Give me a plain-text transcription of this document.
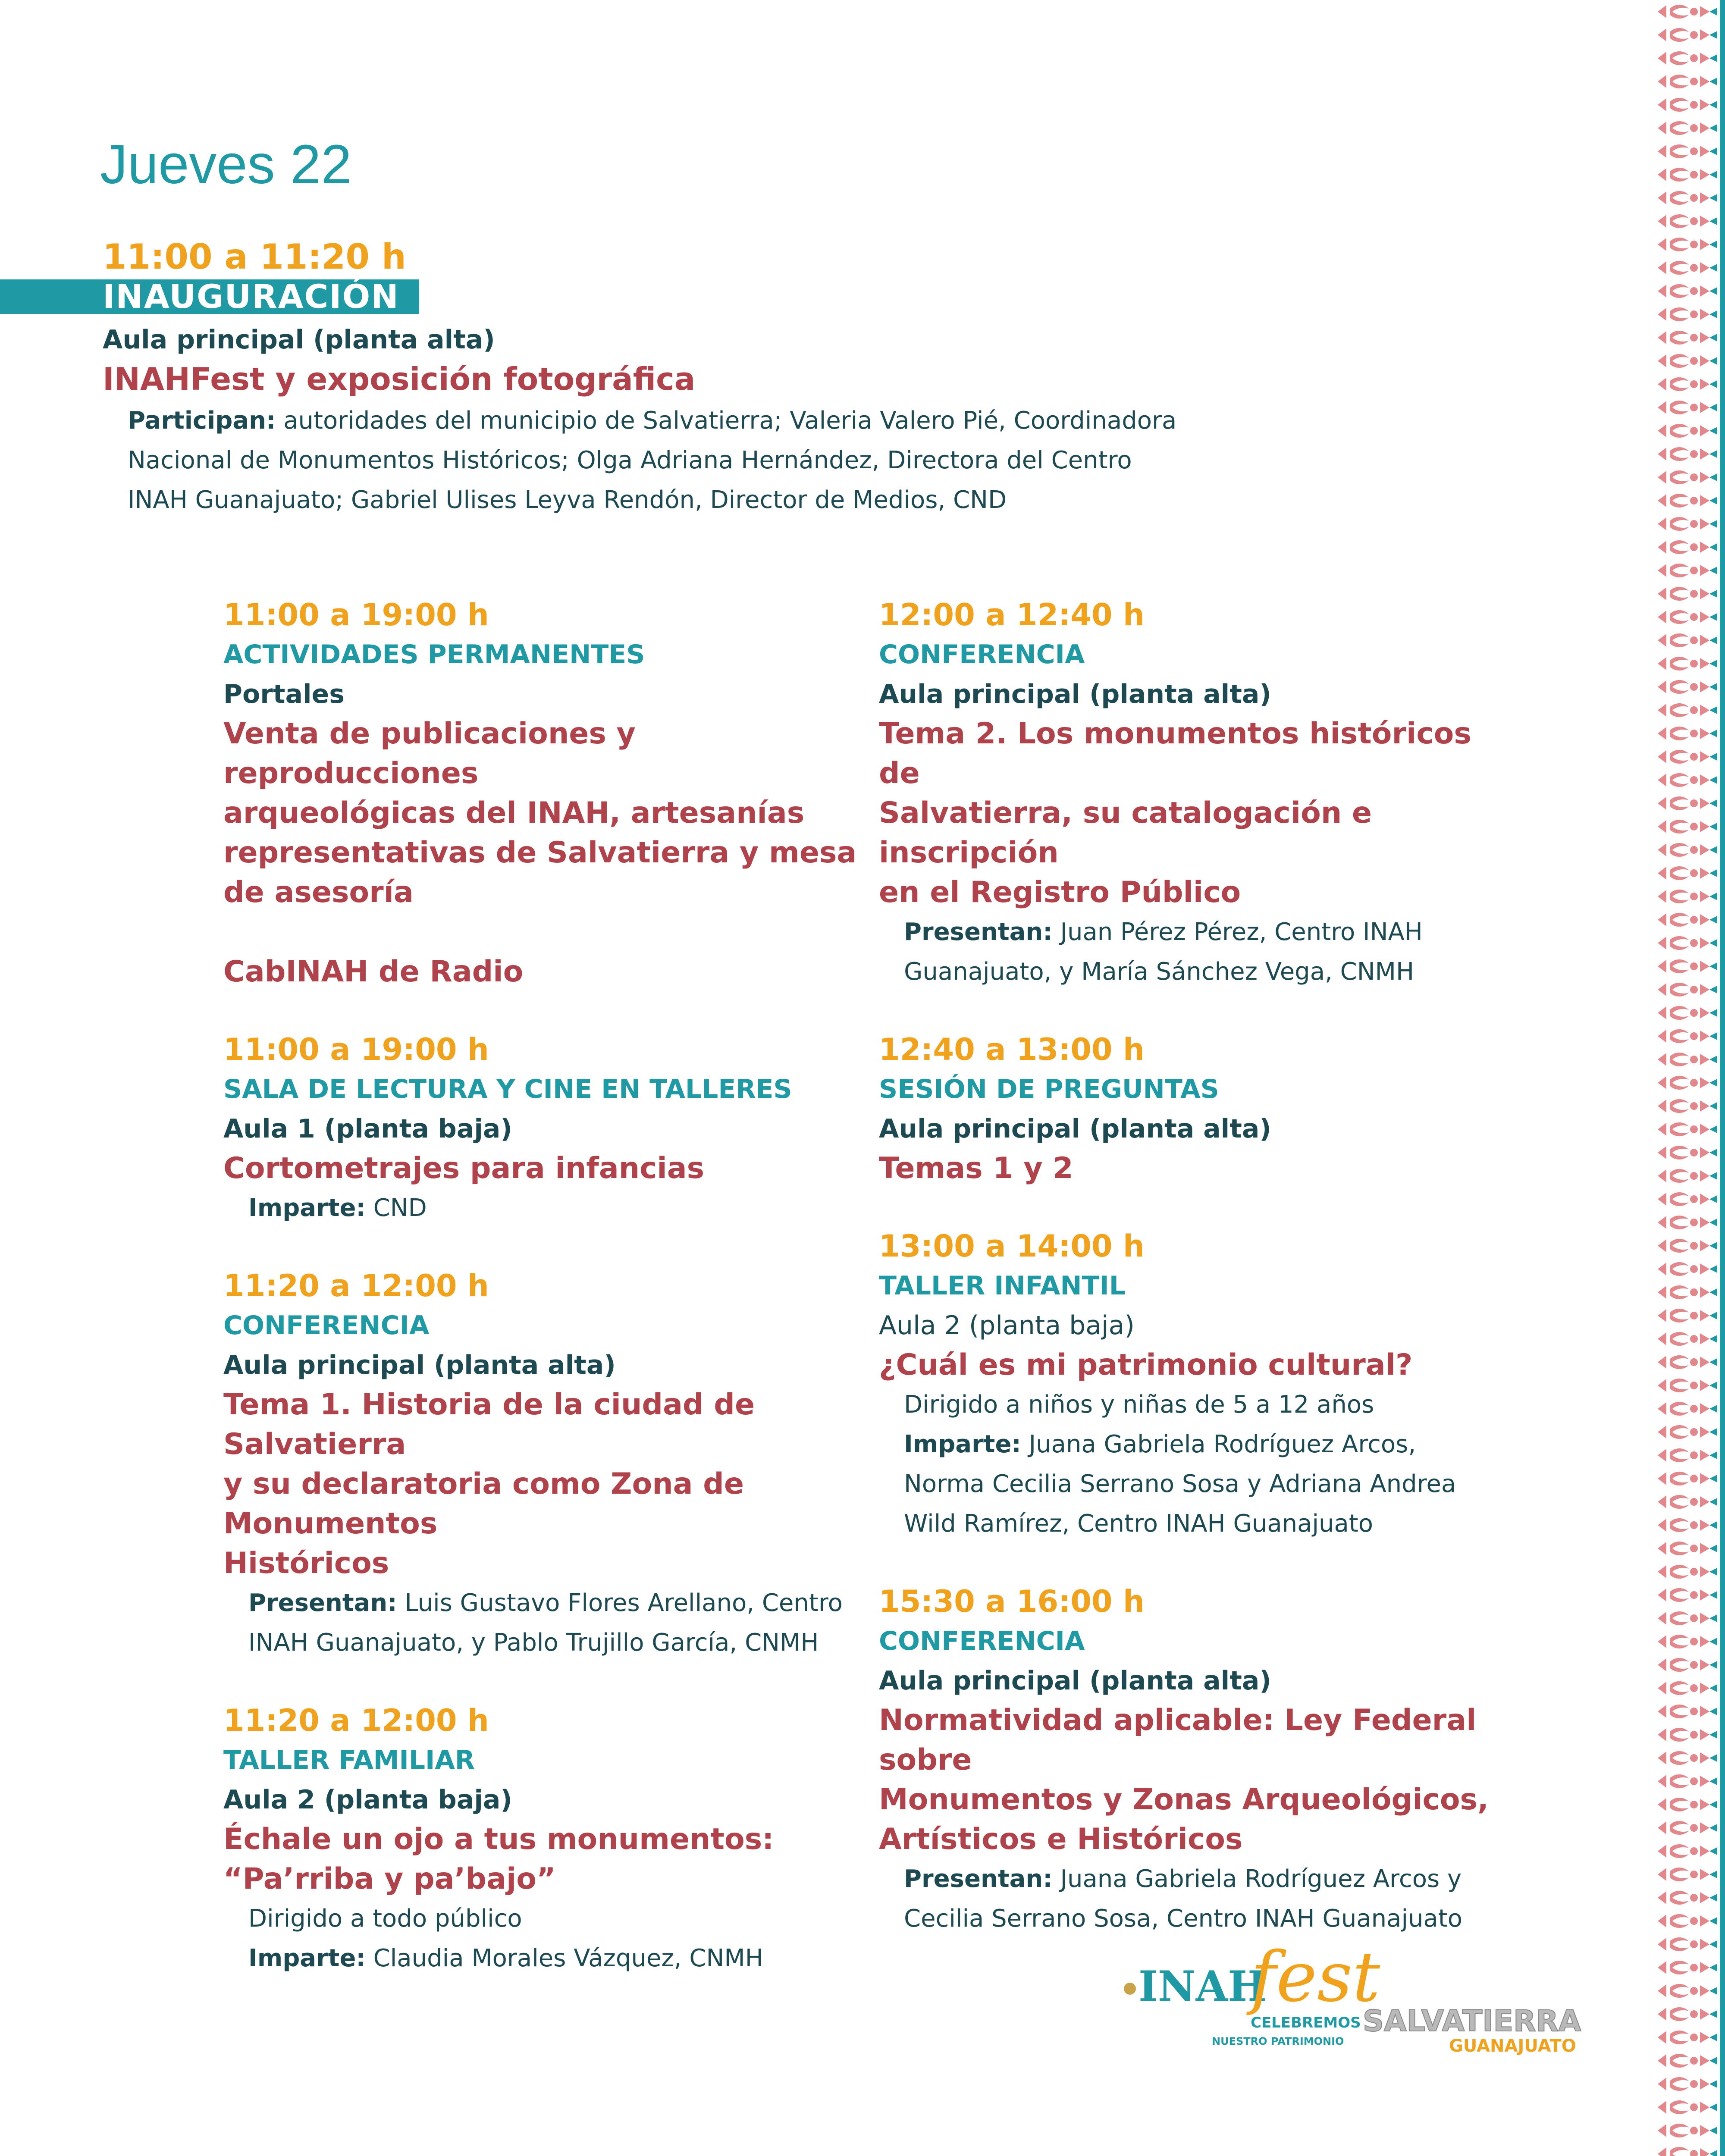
Jueves 22
11:00 a 11:20 h
INAUGURACIÓN
Aula principal (planta alta)
INAHFest y exposición fotográfica
Participan: autoridades del municipio de Salvatierra; Valeria Valero Pié, Coordinadora
Nacional de Monumentos Históricos; Olga Adriana Hernández, Directora del Centro
INAH Guanajuato; Gabriel Ulises Leyva Rendón, Director de Medios, CND
11:00 a 19:00 h
ACTIVIDADES PERMANENTES
Portales
Venta de publicaciones y reproducciones
arqueológicas del INAH, artesanías
representativas de Salvatierra y mesa
de asesoría
CabINAH de Radio
11:00 a 19:00 h
SALA DE LECTURA Y CINE EN TALLERES
Aula 1 (planta baja)
Cortometrajes para infancias
Imparte: CND
11:20 a 12:00 h
CONFERENCIA
Aula principal (planta alta)
Tema 1. Historia de la ciudad de Salvatierra
y su declaratoria como Zona de Monumentos
Históricos
Presentan: Luis Gustavo Flores Arellano, Centro
INAH Guanajuato, y Pablo Trujillo García, CNMH
11:20 a 12:00 h
TALLER FAMILIAR
Aula 2 (planta baja)
Échale un ojo a tus monumentos:
“Pa’rriba y pa’bajo”
Dirigido a todo público
Imparte: Claudia Morales Vázquez, CNMH
12:00 a 12:40 h
CONFERENCIA
Aula principal (planta alta)
Tema 2. Los monumentos históricos de
Salvatierra, su catalogación e inscripción
en el Registro Público
Presentan: Juan Pérez Pérez, Centro INAH
Guanajuato, y María Sánchez Vega, CNMH
12:40 a 13:00 h
SESIÓN DE PREGUNTAS
Aula principal (planta alta)
Temas 1 y 2
13:00 a 14:00 h
TALLER INFANTIL
Aula 2 (planta baja)
¿Cuál es mi patrimonio cultural?
Dirigido a niños y niñas de 5 a 12 años
Imparte: Juana Gabriela Rodríguez Arcos,
Norma Cecilia Serrano Sosa y Adriana Andrea
Wild Ramírez, Centro INAH Guanajuato
15:30 a 16:00 h
CONFERENCIA
Aula principal (planta alta)
Normatividad aplicable: Ley Federal sobre
Monumentos y Zonas Arqueológicos,
Artísticos e Históricos
Presentan: Juana Gabriela Rodríguez Arcos y
Cecilia Serrano Sosa, Centro INAH Guanajuato
INAH
fest
CELEBREMOS
NUESTRO PATRIMONIO
SALVATIERRA
GUANAJUATO
